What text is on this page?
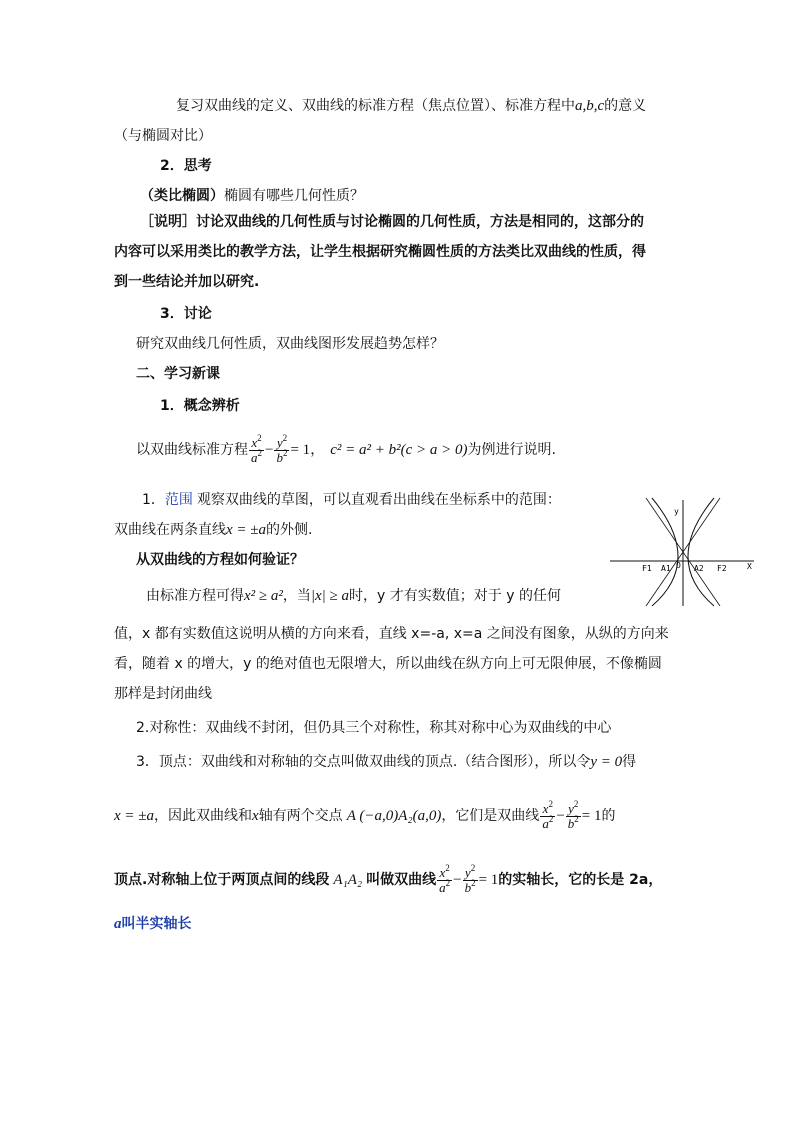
复习双曲线的定义、双曲线的标准方程（焦点位置）、标准方程中a,b,c的意义
（与椭圆对比）
2．思考
（类比椭圆）椭圆有哪些几何性质？
［说明］讨论双曲线的几何性质与讨论椭圆的几何性质，方法是相同的，这部分的
内容可以采用类比的教学方法，让学生根据研究椭圆性质的方法类比双曲线的性质，得
到一些结论并加以研究.
3．讨论
研究双曲线几何性质，双曲线图形发展趋势怎样？
二、学习新课
1．概念辨析
以双曲线标准方程 $\frac{x^2}{a^2} - \frac{y^2}{b^2} = 1$， c² = a² + b²(c > a > 0)为例进行说明.
1．范围 观察双曲线的草图，可以直观看出曲线在坐标系中的范围：
双曲线在两条直线x = ±a的外侧.
从双曲线的方程如何验证？
由标准方程可得x² ≥ a²，当|x| ≥ a时，y 才有实数值；对于 y 的任何
值，x 都有实数值这说明从横的方向来看，直线 x=-a, x=a 之间没有图象，从纵的方向来
看，随着 x 的增大，y 的绝对值也无限增大，所以曲线在纵方向上可无限伸展，不像椭圆
那样是封闭曲线
2.对称性：双曲线不封闭，但仍具三个对称性，称其对称中心为双曲线的中心
3．顶点：双曲线和对称轴的交点叫做双曲线的顶点.（结合图形），所以令y = 0得
x = ±a，因此双曲线和x轴有两个交点 A (−a,0)A₂(a,0)，它们是双曲线 $\frac{x^2}{a^2} - \frac{y^2}{b^2} = 1$的
顶点.对称轴上位于两顶点间的线段 A₁A₂ 叫做双曲线 $\frac{x^2}{a^2} - \frac{y^2}{b^2} = 1$的实轴长，它的长是 2a，
a叫半实轴长
y
F1 A1 O A2 F2	X
